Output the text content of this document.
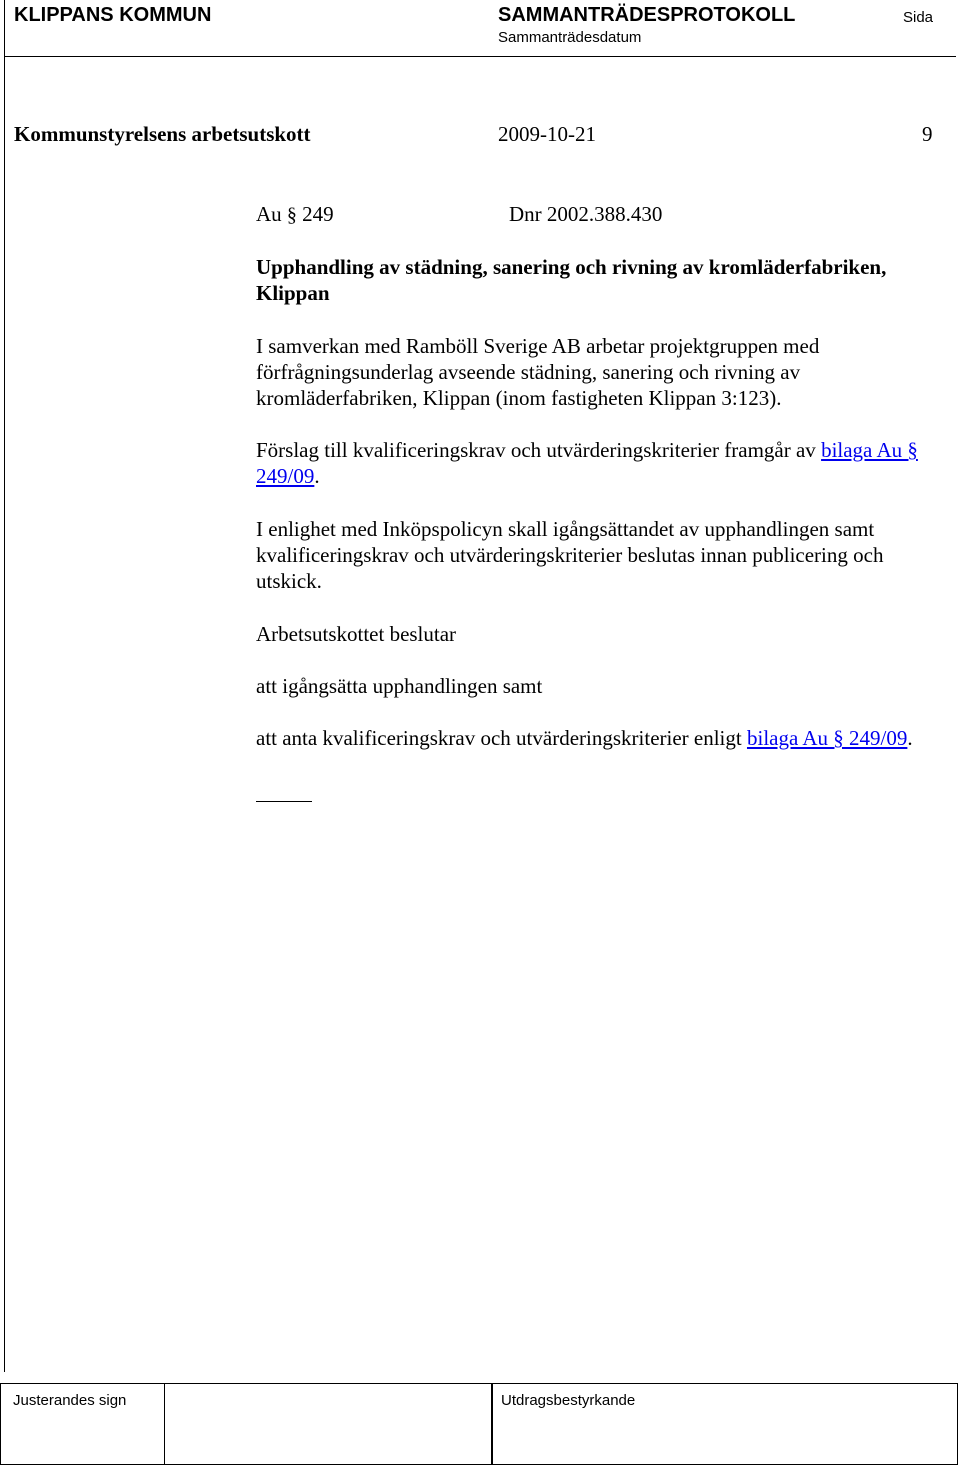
KLIPPANS KOMMUN	SAMMANTRÄDESPROTOKOLL	Sida
Sammanträdesdatum
Kommunstyrelsens arbetsutskott	2009-10-21	9
Au § 249	Dnr 2002.388.430
Upphandling av städning, sanering och rivning av kromläderfabriken,
Klippan

I samverkan med Ramböll Sverige AB arbetar projektgruppen med förfrågningsunderlag avseende städning, sanering och rivning av kromläderfabriken, Klippan (inom fastigheten Klippan 3:123).

Förslag till kvalificeringskrav och utvärderingskriterier framgår av bilaga Au § 249/09.

I enlighet med Inköpspolicyn skall igångsättandet av upphandlingen samt kvalificeringskrav och utvärderingskriterier beslutas innan publicering och utskick.

Arbetsutskottet beslutar
att igångsätta upphandlingen samt

att anta kvalificeringskrav och utvärderingskriterier enligt bilaga Au § 249/09.

Justerandes sign	Utdragsbestyrkande
